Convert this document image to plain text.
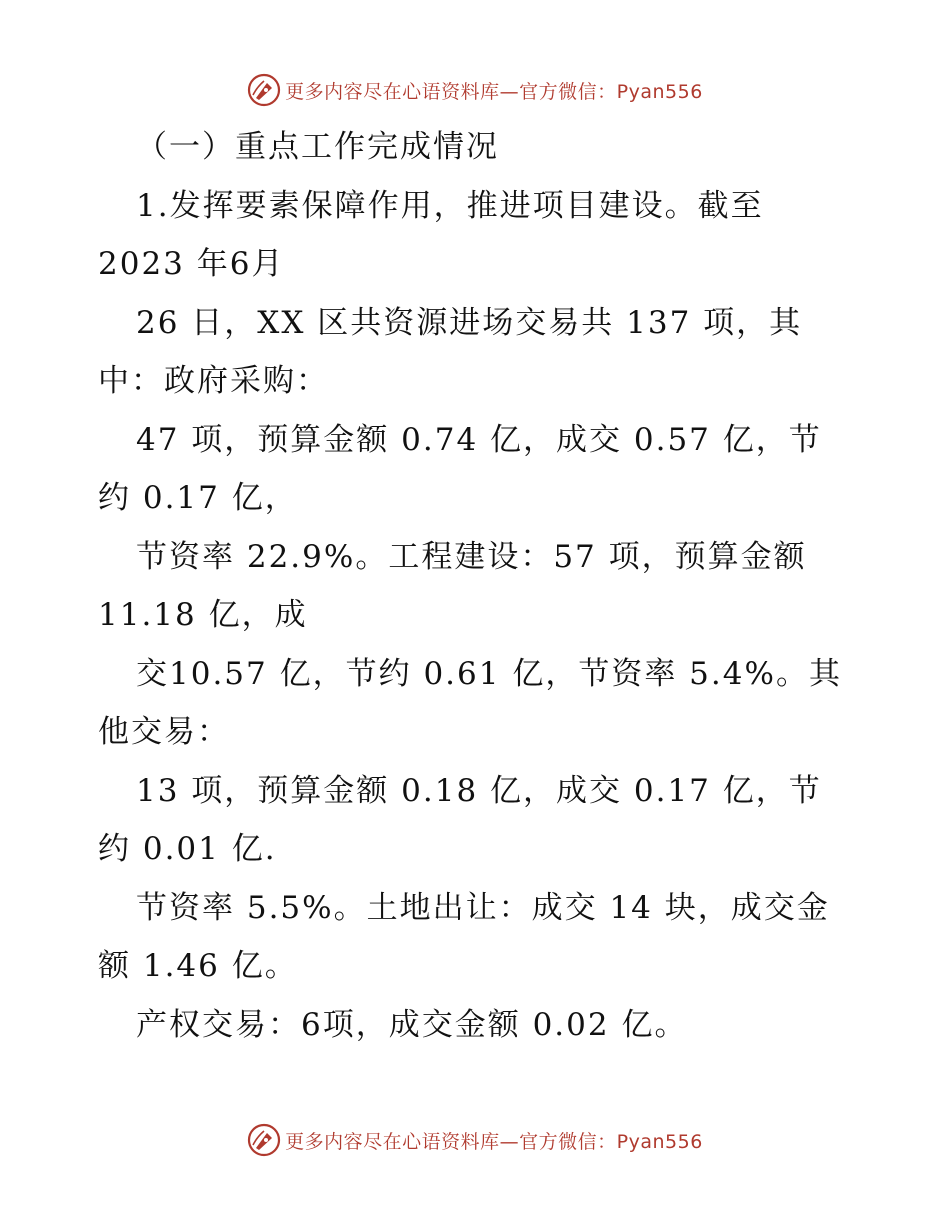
更多内容尽在心语资料库—官方微信：Pyan556

（一）重点工作完成情况

1.发挥要素保障作用，推进项目建设。截至

2023 年6月

26 日，XX 区共资源进场交易共 137 项，其

中：政府采购：

47 项，预算金额 0.74 亿，成交 0.57 亿，节

约 0.17 亿，

节资率 22.9%。工程建设：57 项，预算金额

11.18 亿，成

交10.57 亿，节约 0.61 亿，节资率 5.4%。其

他交易：

13 项，预算金额 0.18 亿，成交 0.17 亿，节

约 0.01 亿.

节资率 5.5%。土地出让：成交 14 块，成交金

额 1.46 亿。

产权交易：6项，成交金额 0.02 亿。

更多内容尽在心语资料库—官方微信：Pyan556
